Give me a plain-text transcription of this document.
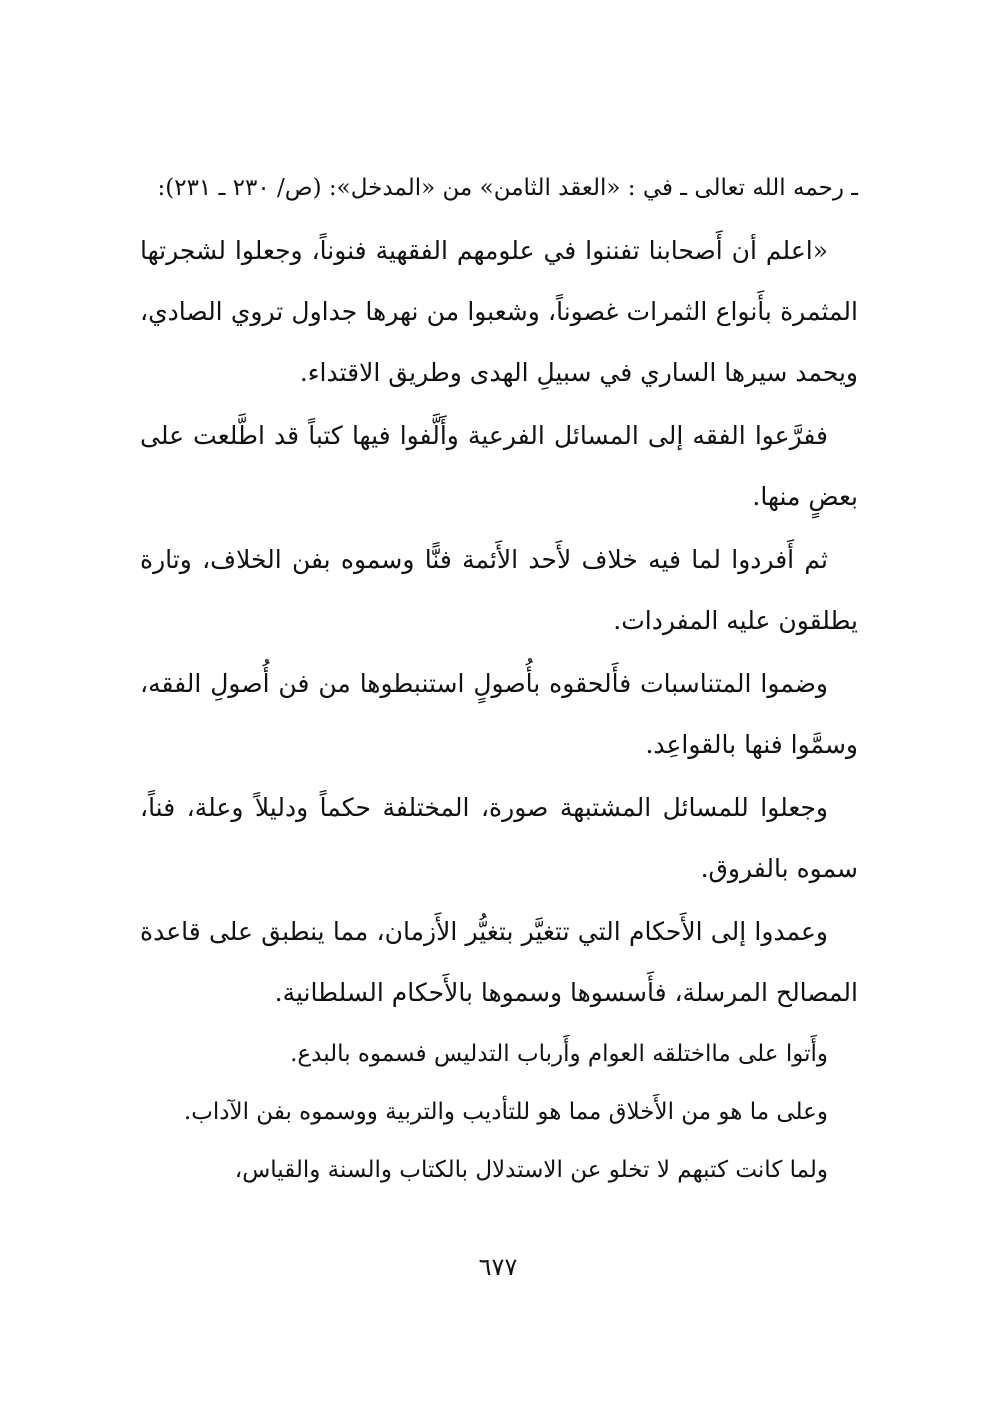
ـ رحمه الله تعالى ـ في : «العقد الثامن» من «المدخل»: (ص/ ٢٣٠ ـ ٢٣١):

«اعلم أن أَصحابنا تفننوا في علومهم الفقهية فنوناً، وجعلوا لشجرتها المثمرة بأَنواع الثمرات غصوناً، وشعبوا من نهرها جداول تروي الصادي، ويحمد سيرها الساري في سبيلِ الهدى وطريق الاقتداء.

ففرَّعوا الفقه إلى المسائل الفرعية وأَلَّفوا فيها كتباً قد اطَّلعت على بعضٍ منها.

ثم أَفردوا لما فيه خلاف لأَحد الأَئمة فنًّا وسموه بفن الخلاف، وتارة يطلقون عليه المفردات.

وضموا المتناسبات فأَلحقوه بأُصولٍ استنبطوها من فن أُصولِ الفقه، وسمَّوا فنها بالقواعِد.

وجعلوا للمسائل المشتبهة صورة، المختلفة حكماً ودليلاً وعلة، فناً، سموه بالفروق.

وعمدوا إلى الأَحكام التي تتغيَّر بتغيُّر الأَزمان، مما ينطبق على قاعدة المصالح المرسلة، فأَسسوها وسموها بالأَحكام السلطانية.

وأَتوا على مااختلقه العوام وأَرباب التدليس فسموه بالبدع.

وعلى ما هو من الأَخلاق مما هو للتأديب والتربية ووسموه بفن الآداب.

ولما كانت كتبهم لا تخلو عن الاستدلال بالكتاب والسنة والقياس،

٦٧٧
